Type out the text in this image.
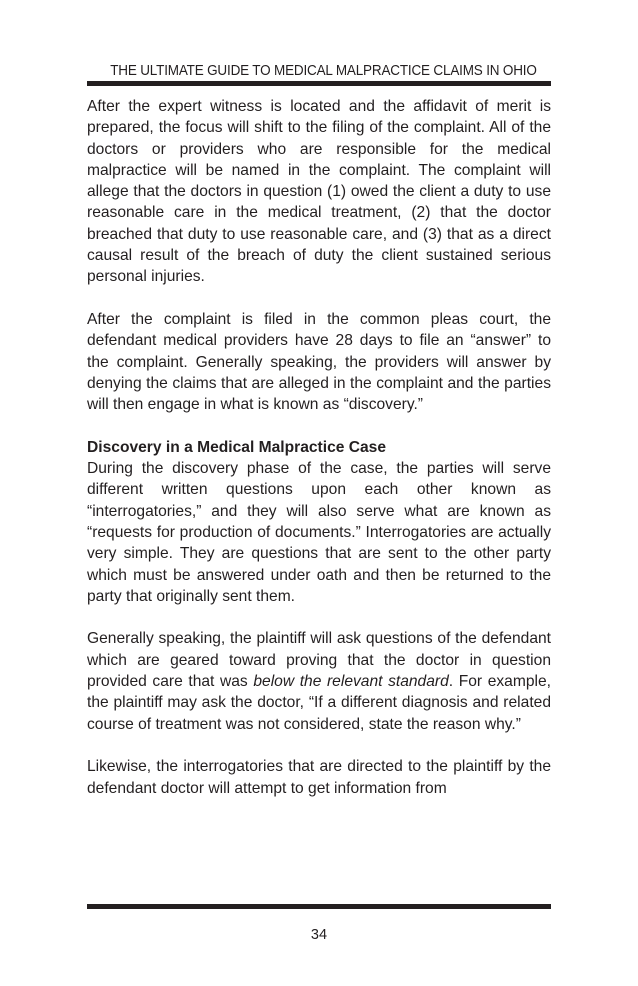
THE ULTIMATE GUIDE TO MEDICAL MALPRACTICE CLAIMS IN OHIO

After the expert witness is located and the affidavit of merit is prepared, the focus will shift to the filing of the complaint. All of the doctors or providers who are responsible for the medical malpractice will be named in the complaint. The complaint will allege that the doctors in question (1) owed the client a duty to use reasonable care in the medical treatment, (2) that the doctor breached that duty to use reasonable care, and (3) that as a direct causal result of the breach of duty the client sustained serious personal injuries.

After the complaint is filed in the common pleas court, the defendant medical providers have 28 days to file an “answer” to the complaint. Generally speaking, the providers will answer by denying the claims that are alleged in the complaint and the parties will then engage in what is known as “discovery.”

Discovery in a Medical Malpractice Case

During the discovery phase of the case, the parties will serve different written questions upon each other known as “interrogatories,” and they will also serve what are known as “requests for production of documents.” Interrogatories are actually very simple. They are questions that are sent to the other party which must be answered under oath and then be returned to the party that originally sent them.

Generally speaking, the plaintiff will ask questions of the defendant which are geared toward proving that the doctor in question provided care that was below the relevant standard. For example, the plaintiff may ask the doctor, “If a different diagnosis and related course of treatment was not considered, state the reason why.”

Likewise, the interrogatories that are directed to the plaintiff by the defendant doctor will attempt to get information from

34
